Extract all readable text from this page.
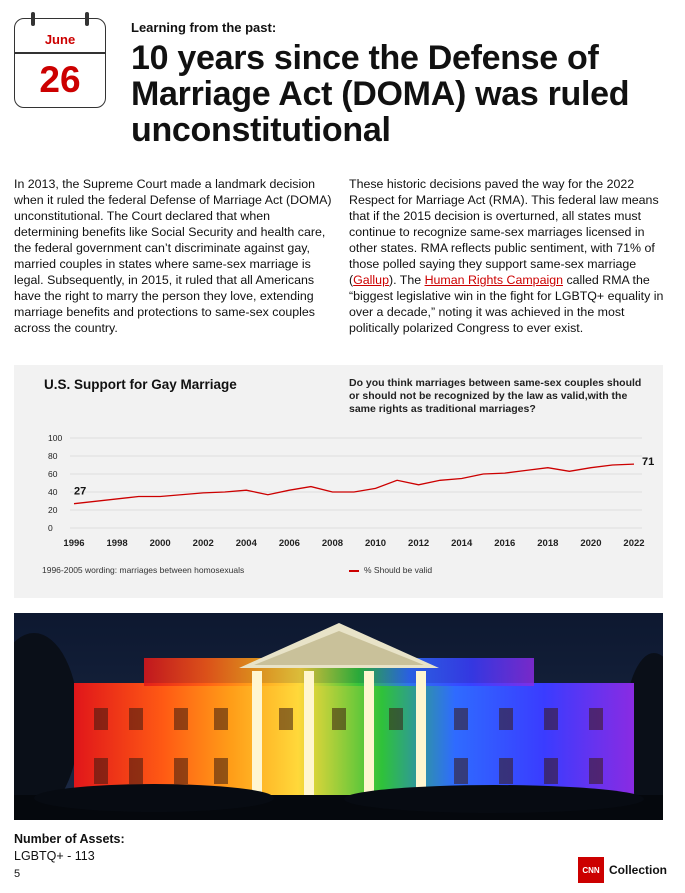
June
26
Learning from the past:
10 years since the Defense of Marriage Act (DOMA) was ruled unconstitutional

In 2013, the Supreme Court made a landmark decision when it ruled the federal Defense of Marriage Act (DOMA) unconstitutional. The Court declared that when determining benefits like Social Security and health care, the federal government can’t discriminate against gay, married couples in states where same-sex marriage is legal. Subsequently, in 2015, it ruled that all Americans have the right to marry the person they love, extending marriage benefits and protections to same-sex couples across the country.

These historic decisions paved the way for the 2022 Respect for Marriage Act (RMA). This federal law means that if the 2015 decision is overturned, all states must continue to recognize same-sex marriages licensed in other states. RMA reflects public sentiment, with 71% of those polled saying they support same-sex marriage (Gallup). The Human Rights Campaign called RMA the “biggest legislative win in the fight for LGBTQ+ equality in over a decade,” noting it was achieved in the most politically polarized Congress to ever exist.

0
20
40
60
80
100
1996 1998 2000 2002 2004 2006 2008 2010 2012 2014 2016 2018 2020 2022
27
71
U.S. Support for Gay Marriage	Do you think marriages between same-sex couples should or should not be recognized by the law as valid,with the same rights as traditional marriages?
1996-2005 wording: marriages between homosexuals	% Should be valid
Number of Assets:
LGBTQ+ - 113
5	CNN Collection
